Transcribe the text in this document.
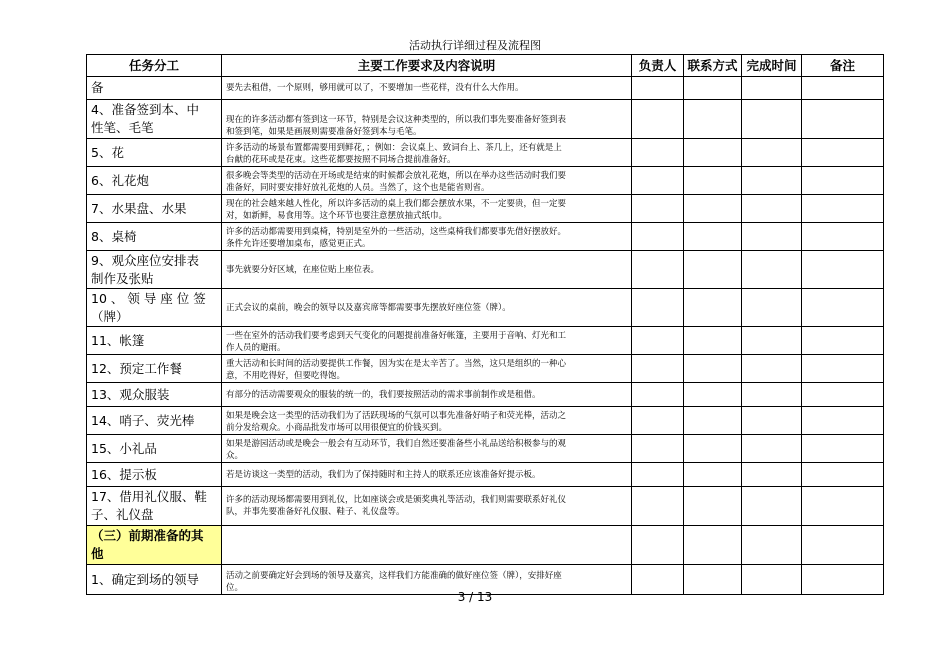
活动执行详细过程及流程图
任务分工	主要工作要求及内容说明	负责人	联系方式	完成时间	备注
备	要先去租借，一个原则，够用就可以了，不要增加一些花样，没有什么大作用。				
4、准备签到本、中
性笔、毛笔	现在的许多活动都有签到这一环节，特别是会议这种类型的，所以我们事先要准备好签到表
和签到笔，如果是画展则需要准备好签到本与毛笔。				
5、花	许多活动的场景布置都需要用到鲜花，；例如：会议桌上、致词台上、茶几上，还有就是上
台献的花环或是花束。这些花都要按照不同场合提前准备好。				
6、礼花炮	很多晚会等类型的活动在开场或是结束的时候都会放礼花炮，所以在举办这些活动时我们要
准备好，同时要安排好放礼花炮的人员。当然了，这个也是能省则省。				
7、水果盘、水果	现在的社会越来越人性化，所以许多活动的桌上我们都会摆放水果，不一定要贵，但一定要
对，如新鲜，易食用等。这个环节也要注意摆放抽式纸巾。				
8、桌椅	许多的活动都需要用到桌椅，特别是室外的一些活动，这些桌椅我们都要事先借好摆放好。
条件允许还要增加桌布，感觉更正式。				
9、观众座位安排表
制作及张贴	事先就要分好区域，在座位贴上座位表。				
10 、 领 导 座 位 签
（牌）	正式会议的桌前，晚会的领导以及嘉宾席等都需要事先摆放好座位签（牌）。				
11、帐篷	一些在室外的活动我们要考虑到天气变化的问题提前准备好帐篷，主要用于音响、灯光和工
作人员的避雨。				
12、预定工作餐	重大活动和长时间的活动要提供工作餐，因为实在是太辛苦了。当然，这只是组织的一种心
意，不用吃得好，但要吃得饱。				
13、观众服装	有部分的活动需要观众的服装的统一的，我们要按照活动的需求事前制作或是租借。				
14、哨子、荧光棒	如果是晚会这一类型的活动我们为了活跃现场的气氛可以事先准备好哨子和荧光棒，活动之
前分发给观众。小商品批发市场可以用很便宜的价钱买到。				
15、小礼品	如果是游园活动或是晚会一般会有互动环节，我们自然还要准备些小礼品送给积极参与的观
众。				
16、提示板	若是访谈这一类型的活动，我们为了保持随时和主持人的联系还应该准备好提示板。				
17、借用礼仪服、鞋
子、礼仪盘	许多的活动现场都需要用到礼仪，比如座谈会或是颁奖典礼等活动，我们则需要联系好礼仪
队，并事先要准备好礼仪服、鞋子、礼仪盘等。				
（三）前期准备的其
他					
1、确定到场的领导	活动之前要确定好会到场的领导及嘉宾，这样我们方能准确的做好座位签（牌），安排好座
位。				
3 / 13
